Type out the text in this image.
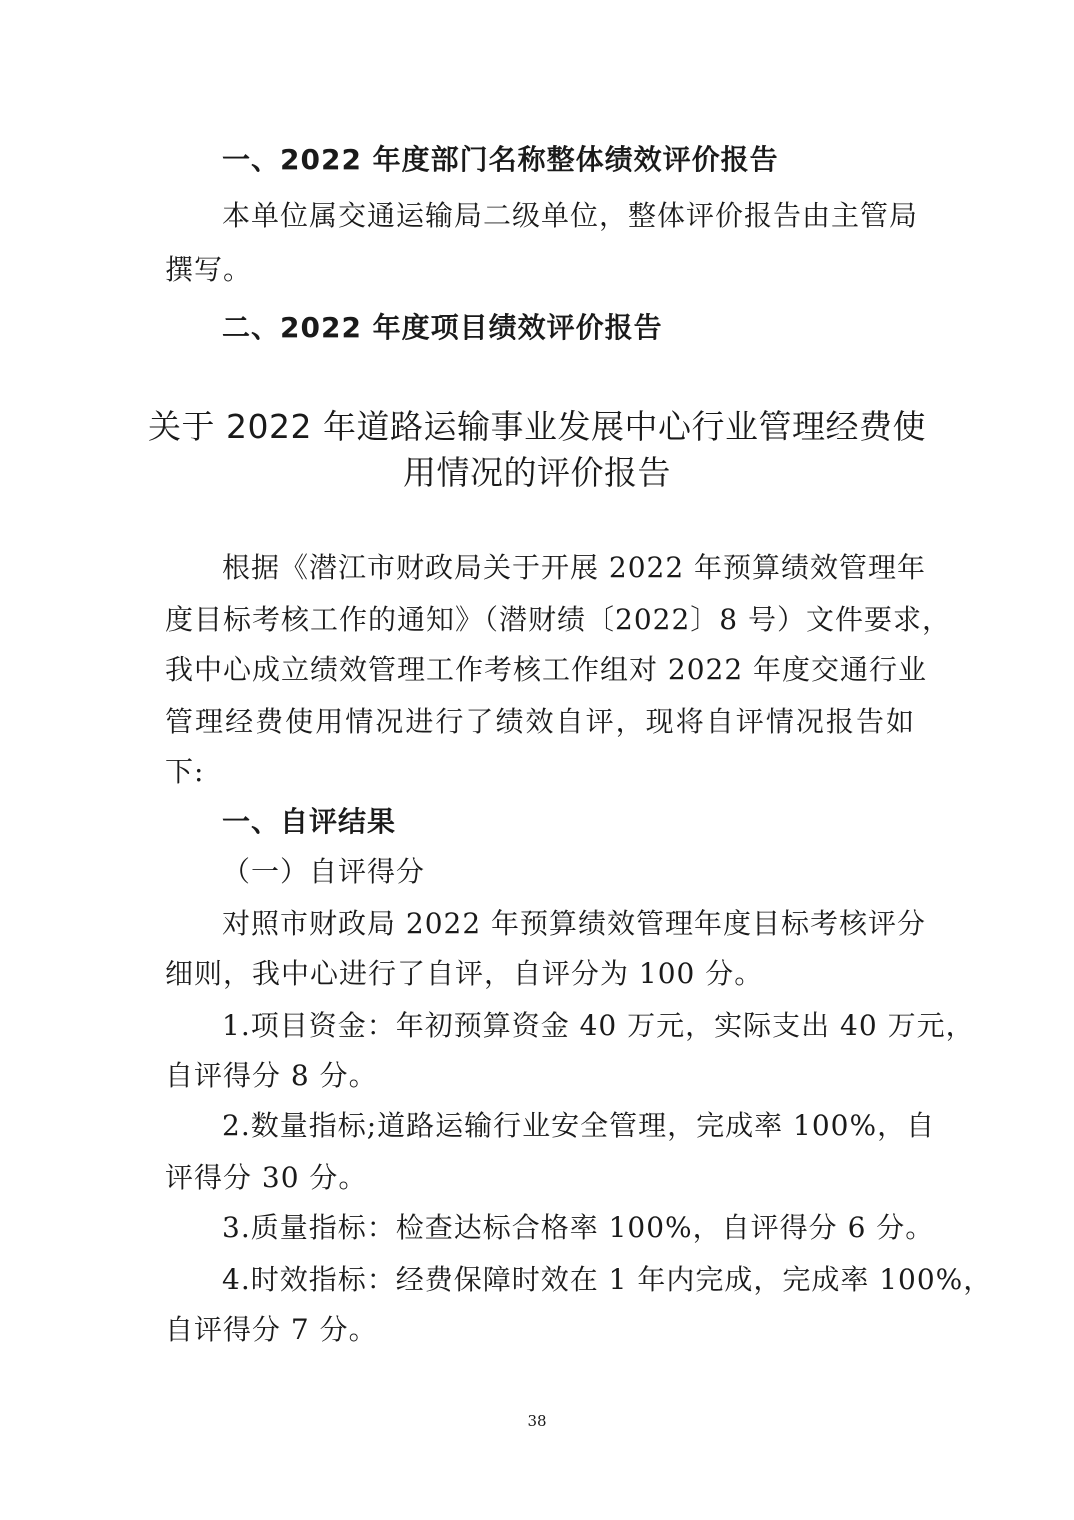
一、2022 年度部门名称整体绩效评价报告
本单位属交通运输局二级单位，整体评价报告由主管局
撰写。
二、2022 年度项目绩效评价报告
关于 2022 年道路运输事业发展中心行业管理经费使
用情况的评价报告
根据《潜江市财政局关于开展 2022 年预算绩效管理年
度目标考核工作的通知》（潜财绩〔2022〕8 号）文件要求，
我中心成立绩效管理工作考核工作组对 2022 年度交通行业
管理经费使用情况进行了绩效自评，现将自评情况报告如
下:
一、自评结果
（一）自评得分
对照市财政局 2022 年预算绩效管理年度目标考核评分
细则，我中心进行了自评，自评分为 100 分。
1.项目资金：年初预算资金 40 万元，实际支出 40 万元，
自评得分 8 分。
2.数量指标;道路运输行业安全管理，完成率 100%，自
评得分 30 分。
3.质量指标：检查达标合格率 100%，自评得分 6 分。
4.时效指标：经费保障时效在 1 年内完成，完成率 100%，
自评得分 7 分。
38
